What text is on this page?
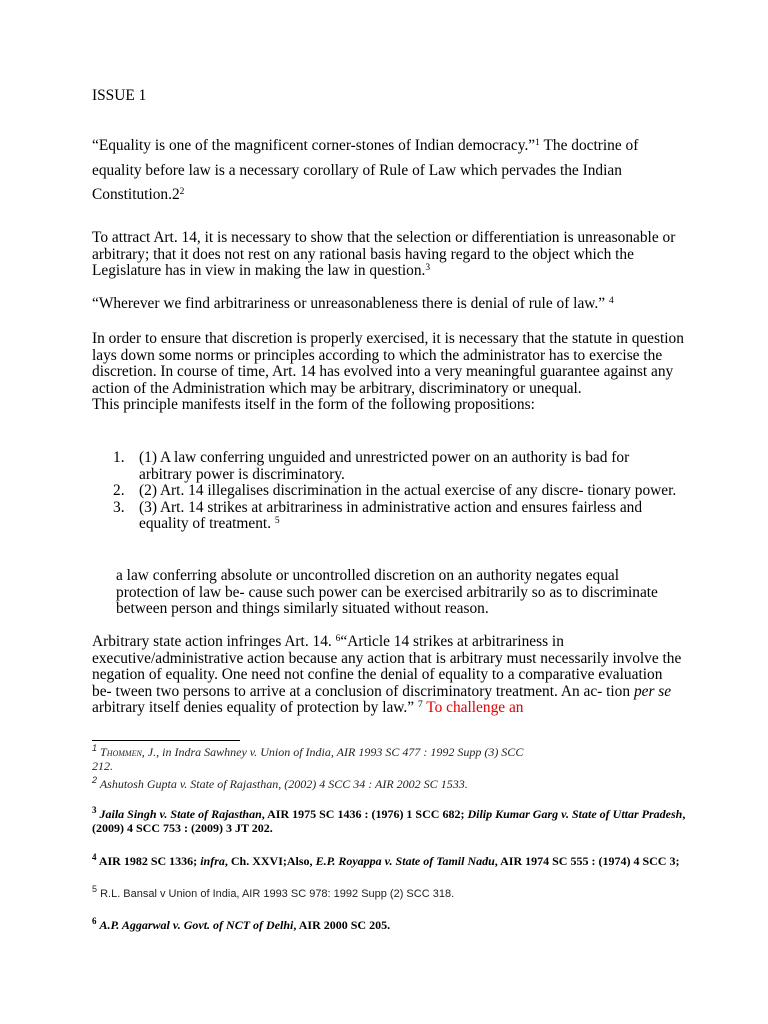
ISSUE 1
“Equality is one of the magnificent corner-stones of Indian democracy.”$^1$ The doctrine of
equality before law is a necessary corollary of Rule of Law which pervades the Indian
$Constitution.2^2$
To attract Art. 14, it is necessary to show that the selection or differentiation is unreasonable or arbitrary; that it does not rest on any rational basis having regard to the object which the Legislature has in view in making the law in question.$^3$
“Wherever we find arbitrariness or unreasonableness there is denial of rule of law.” $^4$
In order to ensure that discretion is properly exercised, it is necessary that the statute in question lays down some norms or principles according to which the administrator has to exercise the discretion. In course of time, Art. 14 has evolved into a very meaningful guarantee against any action of the Administration which may be arbitrary, discriminatory or unequal.
This principle manifests itself in the form of the following propositions:
1. (1) A law conferring unguided and unrestricted power on an authority is bad for arbitrary power is discriminatory.
2. (2) Art. 14 illegalises discrimination in the actual exercise of any discre- tionary power.
3. (3) Art. 14 strikes at arbitrariness in administrative action and ensures fairless and equality of treatment. $^5$
a law conferring absolute or uncontrolled discretion on an authority negates equal protection of law be- cause such power can be exercised arbitrarily so as to discriminate between person and things similarly situated without reason.
Arbitrary state action infringes Art. 14. $^6$“Article 14 strikes at arbitrariness in executive/administrative action because any action that is arbitrary must necessarily involve the negation of equality. One need not confine the denial of equality to a comparative evaluation be- tween two persons to arrive at a conclusion of discriminatory treatment. An ac- tion per se arbitrary itself denies equality of protection by law.” $^7$ To challenge an
$^1$ Thommen, J., in Indra Sawhney v. Union of India, AIR 1993 SC 477 : 1992 Supp (3) SCC
212.
$^2$ Ashutosh Gupta v. State of Rajasthan, (2002) 4 SCC 34 : AIR 2002 SC 1533.
$^3$ Jaila Singh v. State of Rajasthan, AIR 1975 SC 1436 : (1976) 1 SCC 682; Dilip Kumar Garg v. State of Uttar Pradesh,
(2009) 4 SCC 753 : (2009) 3 JT 202.
$^4$ AIR 1982 SC 1336; infra, Ch. XXVI;Also, E.P. Royappa v. State of Tamil Nadu, AIR 1974 SC 555 : (1974) 4 SCC 3;
$^5$ R.L. Bansal v Union of India, AIR 1993 SC 978: 1992 Supp (2) SCC 318.
$^6$ A.P. Aggarwal v. Govt. of NCT of Delhi, AIR 2000 SC 205.
